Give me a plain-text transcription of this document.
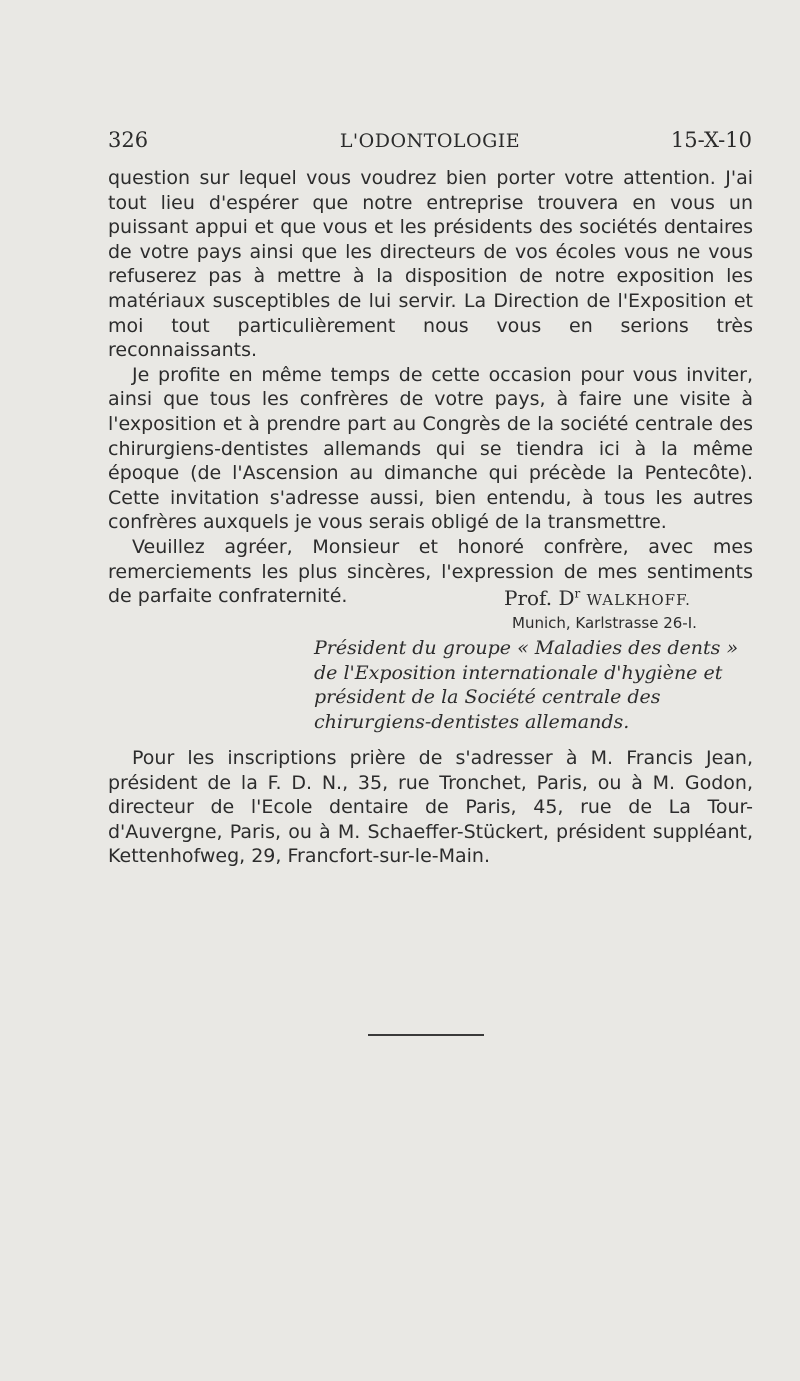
326	L'ODONTOLOGIE	15-X-10

question sur lequel vous voudrez bien porter votre attention. J'ai tout lieu d'espérer que notre entreprise trouvera en vous un puissant appui et que vous et les présidents des sociétés dentaires de votre pays ainsi que les directeurs de vos écoles vous ne vous refuserez pas à mettre à la disposition de notre exposition les matériaux susceptibles de lui servir. La Direction de l'Exposition et moi tout particulièrement nous vous en serions très reconnaissants.

Je profite en même temps de cette occasion pour vous inviter, ainsi que tous les confrères de votre pays, à faire une visite à l'exposition et à prendre part au Congrès de la société centrale des chirurgiens-dentistes allemands qui se tiendra ici à la même époque (de l'Ascension au dimanche qui précède la Pentecôte). Cette invitation s'adresse aussi, bien entendu, à tous les autres confrères auxquels je vous serais obligé de la transmettre.

Veuillez agréer, Monsieur et honoré confrère, avec mes remerciements les plus sincères, l'expression de mes sentiments de parfaite confraternité.	Prof. $D^r$ WALKHOFF.
Munich, Karlstrasse 26-I.
Président du groupe « Maladies des dents » de l'Exposition internationale d'hygiène et président de la Société centrale des chirurgiens-dentistes allemands.
Pour les inscriptions prière de s'adresser à M. Francis Jean, président de la F. D. N., 35, rue Tronchet, Paris, ou à M. Godon, directeur de l'Ecole dentaire de Paris, 45, rue de La Tour-d'Auvergne, Paris, ou à M. Schaeffer-Stückert, président suppléant, Kettenhofweg, 29, Francfort-sur-le-Main.
